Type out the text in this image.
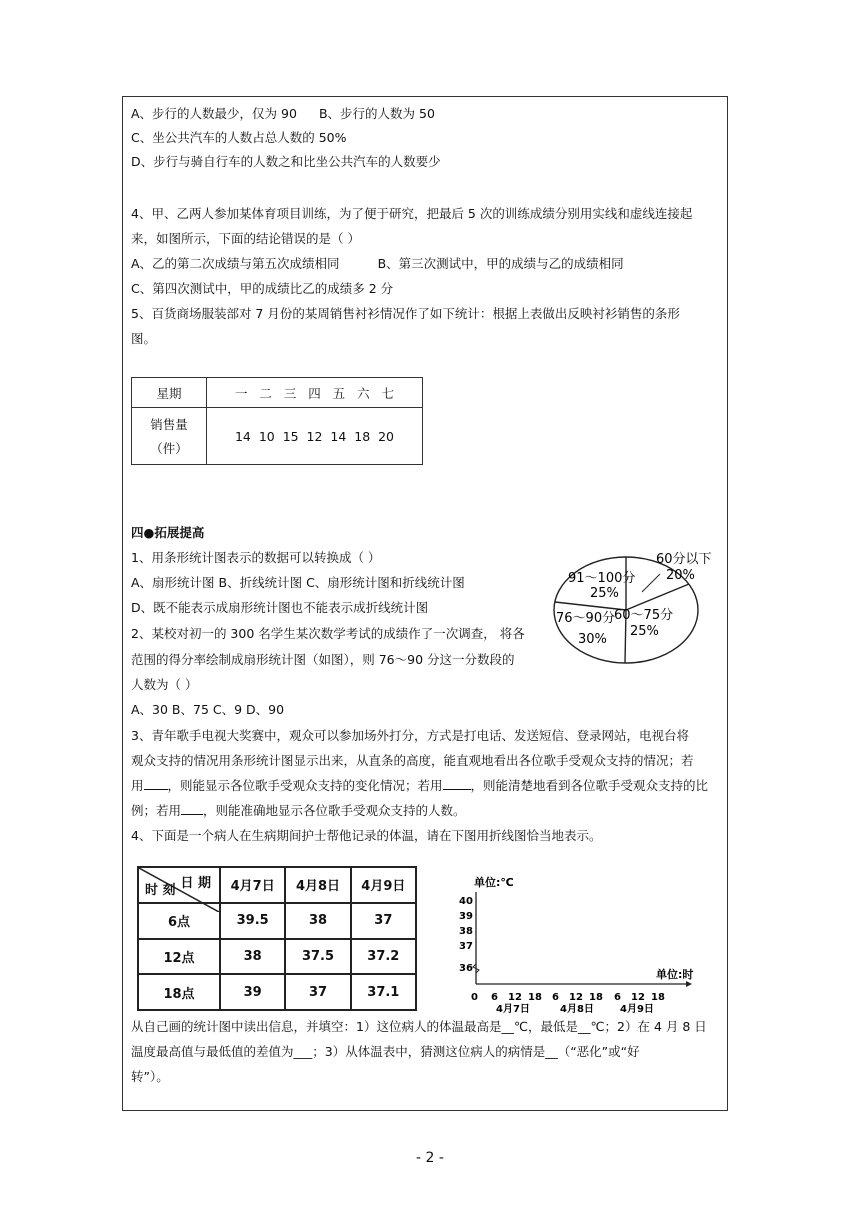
A、步行的人数最少，仅为 90 B、步行的人数为 50
C、坐公共汽车的人数占总人数的 50%
D、步行与骑自行车的人数之和比坐公共汽车的人数要少
4、甲、乙两人参加某体育项目训练，为了便于研究，把最后 5 次的训练成绩分别用实线和虚线连接起
来，如图所示，下面的结论错误的是（ ）
A、乙的第二次成绩与第五次成绩相同	B、第三次测试中，甲的成绩与乙的成绩相同
C、第四次测试中，甲的成绩比乙的成绩多 2 分
5、百货商场服装部对 7 月份的某周销售衬衫情况作了如下统计：根据上表做出反映衬衫销售的条形
图。
星期	一   二   三   四   五   六   七

销售量
（件）	14  10  15  12  14  18  20
四●拓展提高
1、用条形统计图表示的数据可以转换成（ ）
A、扇形统计图 B、折线统计图 C、扇形统计图和折线统计图
D、既不能表示成扇形统计图也不能表示成折线统计图
2、某校对初一的 300 名学生某次数学考试的成绩作了一次调查， 将各
范围的得分率绘制成扇形统计图（如图），则 76～90 分这一分数段的
人数为（ ）
A、30 B、75 C、9 D、90
3、青年歌手电视大奖赛中，观众可以参加场外打分，方式是打电话、发送短信、登录网站，电视台将
观众支持的情况用条形统计图显示出来，从直条的高度，能直观地看出各位歌手受观众支持的情况；若
用 ，则能显示各位歌手受观众支持的变化情况；若用 ，则能清楚地看到各位歌手受观众支持的比
例；若用 ，则能准确地显示各位歌手受观众支持的人数。
4、下面是一个病人在生病期间护士帮他记录的体温，请在下图用折线图恰当地表示。
60分以下
20%
91～100分
25%
76～90分
30%
60～75分
25%
日 期
时 刻	4月7日	4月8日	4月9日
6点	39.5	38	37
12点	38	37.5	37.2
18点	39	37	37.1
单位:℃
40
39
38
37
36	单位:时
0 6 12 18 6 12 18 6 12 18
4月7日	4月8日	4月9日
从自己画的统计图中读出信息，并填空：1）这位病人的体温最高是__℃，最低是__℃；2）在 4 月 8 日
温度最高值与最低值的差值为___；3）从体温表中，猜测这位病人的病情是__（“恶化”或“好
转”）。
- 2 -
